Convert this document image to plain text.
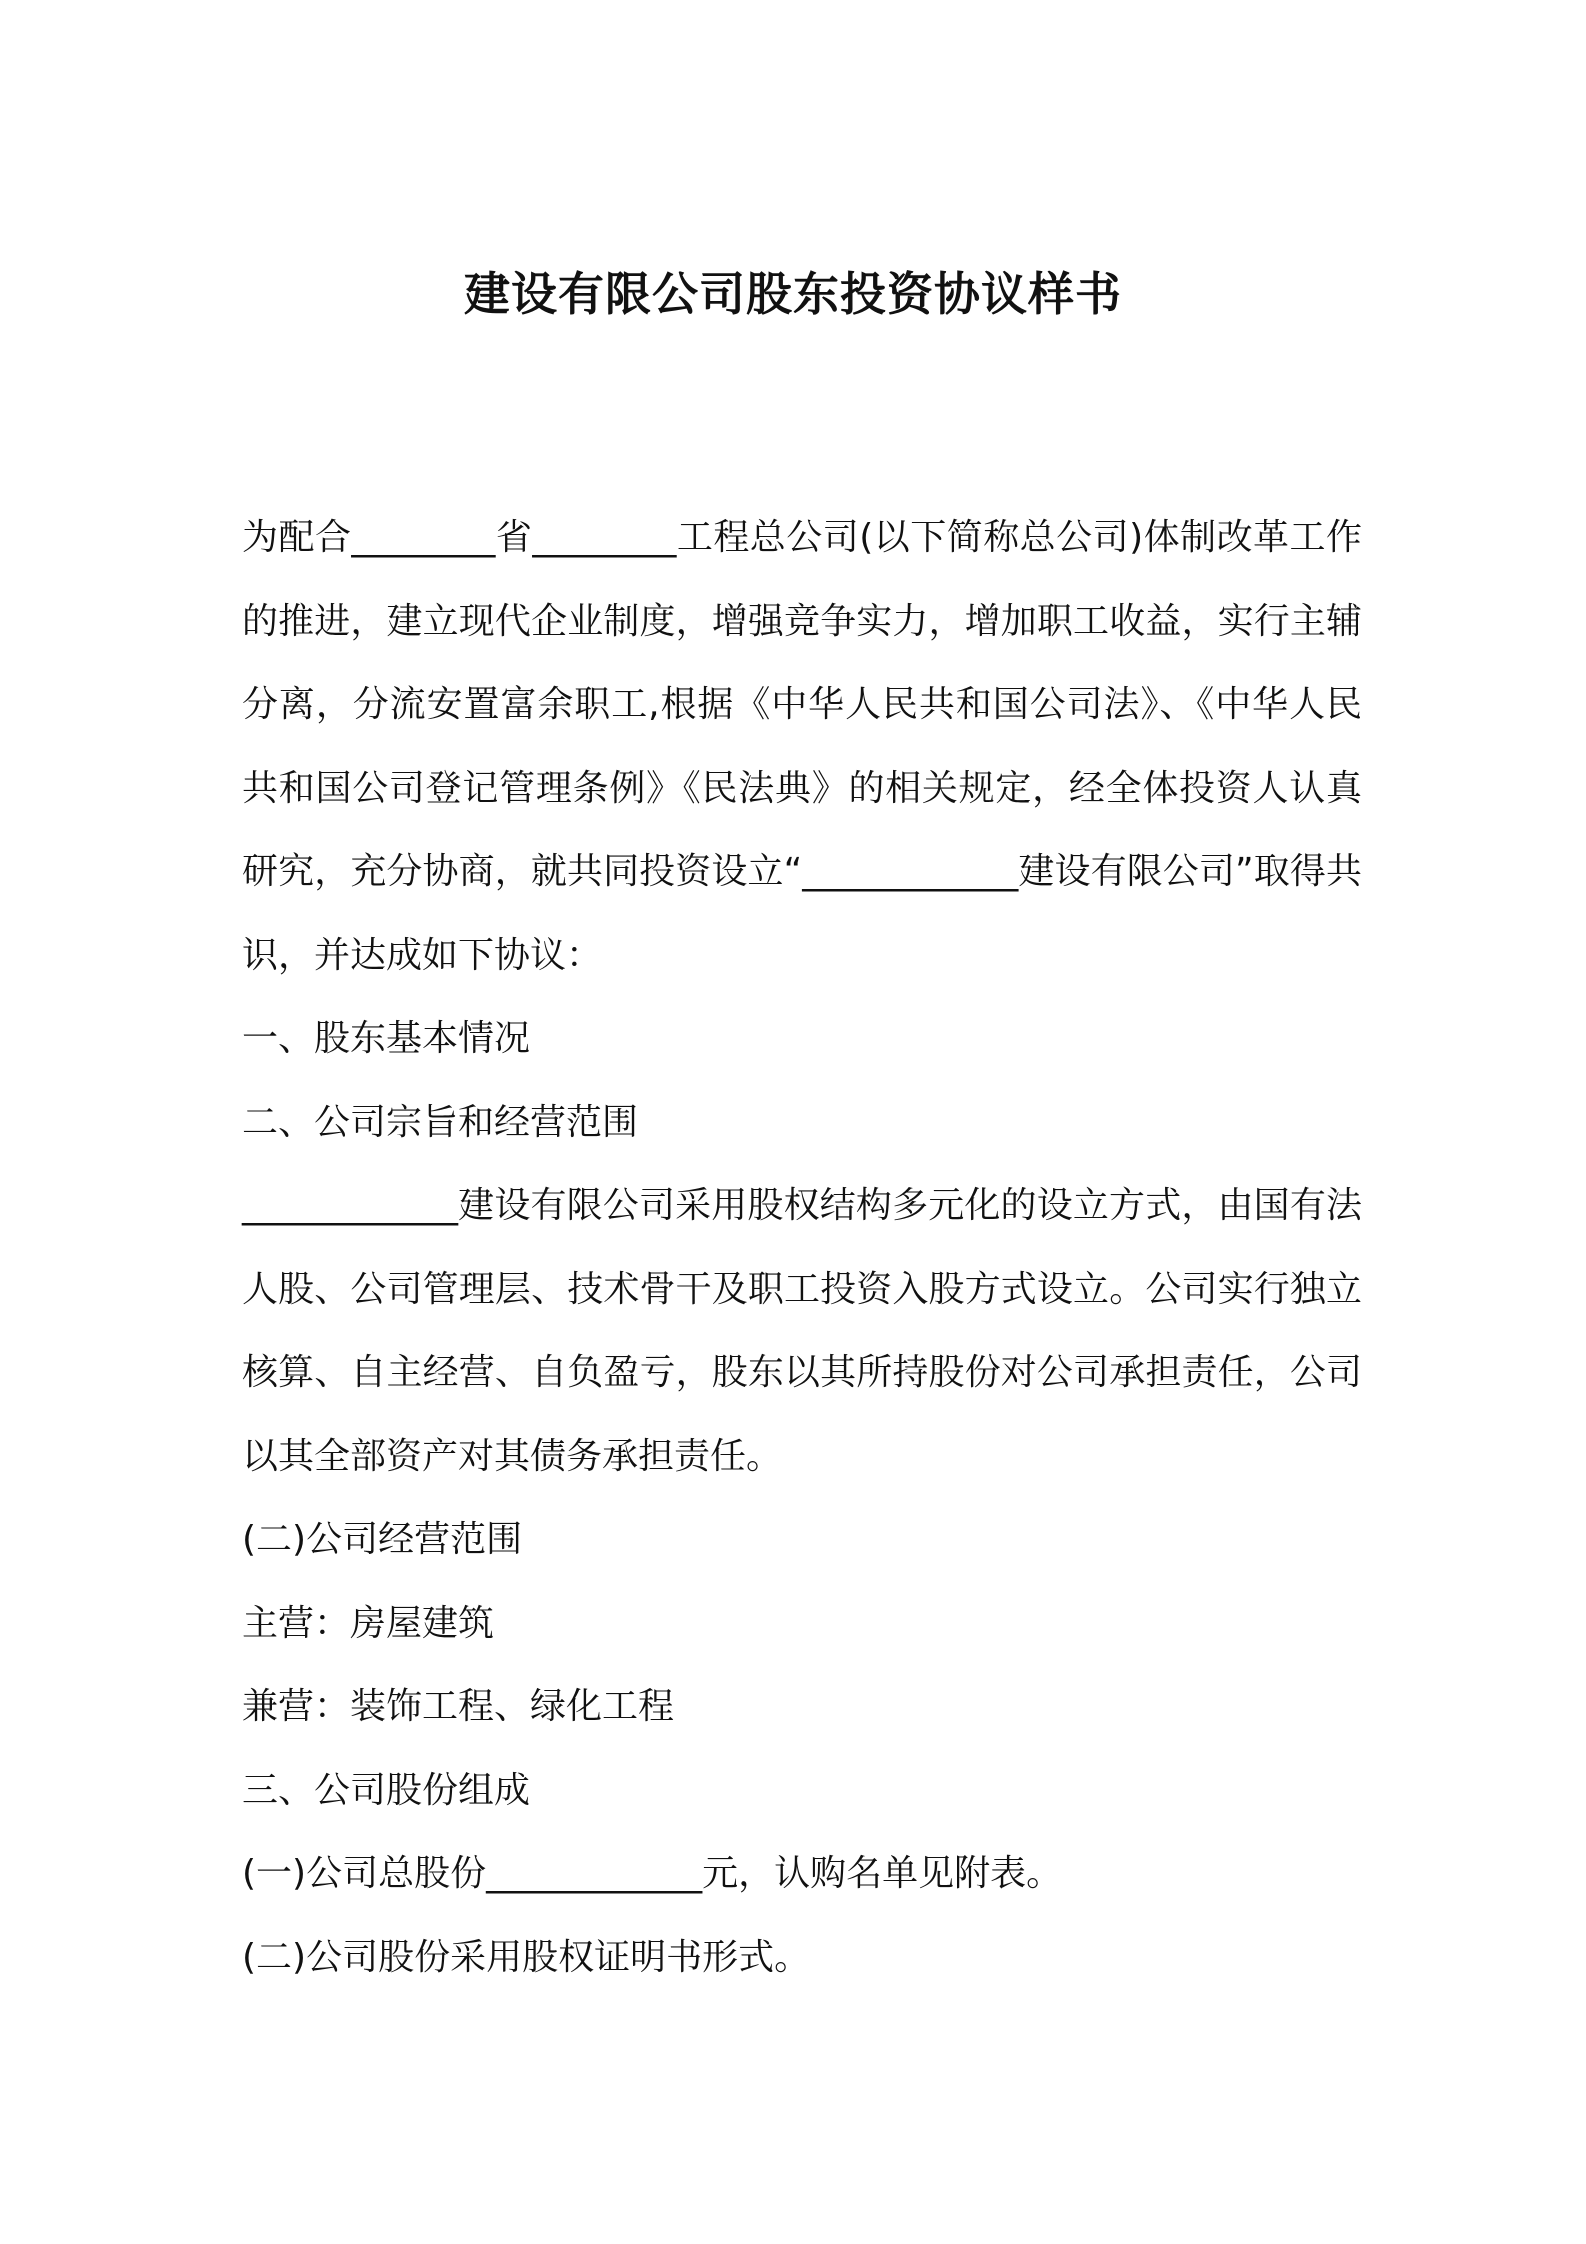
建设有限公司股东投资协议样书

为配合________省________工程总公司(以下简称总公司)体制改革工作的推进，建立现代企业制度，增强竞争实力，增加职工收益，实行主辅分离，分流安置富余职工,根据《中华人民共和国公司法》、《中华人民共和国公司登记管理条例》《民法典》的相关规定，经全体投资人认真研究，充分协商，就共同投资设立“____________建设有限公司”取得共识，并达成如下协议：

一、股东基本情况

二、公司宗旨和经营范围

____________建设有限公司采用股权结构多元化的设立方式，由国有法人股、公司管理层、技术骨干及职工投资入股方式设立。公司实行独立核算、自主经营、自负盈亏，股东以其所持股份对公司承担责任，公司以其全部资产对其债务承担责任。

(二)公司经营范围

主营：房屋建筑

兼营：装饰工程、绿化工程

三、公司股份组成

(一)公司总股份____________元，认购名单见附表。

(二)公司股份采用股权证明书形式。
